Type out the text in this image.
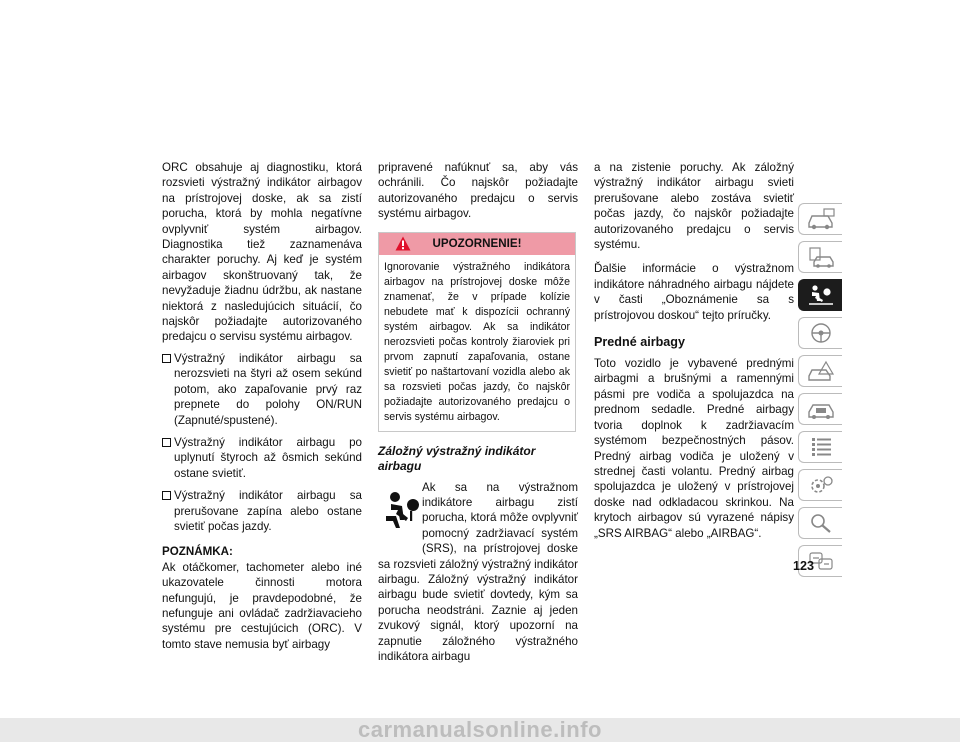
ORC obsahuje aj diagnostiku, ktorá rozsvieti výstražný indikátor airbagov na prístrojovej doske, ak sa zistí porucha, ktorá by mohla negatívne ovplyvniť systém airbagov. Diagnostika tiež zaznamenáva charakter poruchy. Aj keď je systém airbagov skonštruovaný tak, že nevyžaduje žiadnu údržbu, ak nastane niektorá z nasledujúcich situácií, čo najskôr požiadajte autorizovaného predajcu o servisu systému airbagov.

Výstražný indikátor airbagu sa nerozsvieti na štyri až osem sekúnd potom, ako zapaľovanie prvý raz prepnete do polohy ON/RUN (Zapnuté/spustené).
Výstražný indikátor airbagu po uplynutí štyroch až ôsmich sekúnd ostane svietiť.
Výstražný indikátor airbagu sa prerušovane zapína alebo ostane svietiť počas jazdy.
POZNÁMKA:

Ak otáčkomer, tachometer alebo iné ukazovatele činnosti motora nefungujú, je pravdepodobné, že nefunguje ani ovládač zadržiavacieho systému pre cestujúcich (ORC). V tomto stave nemusia byť airbagy

pripravené nafúknuť sa, aby vás ochránili. Čo najskôr požiadajte autorizovaného predajcu o servis systému airbagov.

UPOZORNENIE!
Ignorovanie výstražného indikátora airbagov na prístrojovej doske môže znamenať, že v prípade kolízie nebudete mať k dispozícii ochranný systém airbagov. Ak sa indikátor nerozsvieti počas kontroly žiaroviek pri prvom zapnutí zapaľovania, ostane svietiť po naštartovaní vozidla alebo ak sa rozsvieti počas jazdy, čo najskôr požiadajte autorizovaného predajcu o servis systému airbagov.
Záložný výstražný indikátor airbagu

Ak sa na výstražnom indikátore airbagu zistí porucha, ktorá môže ovplyvniť pomocný zadržiavací systém (SRS), na prístrojovej doske sa rozsvieti záložný výstražný indikátor airbagu. Záložný výstražný indikátor airbagu bude svietiť dovtedy, kým sa porucha neodstráni. Zaznie aj jeden zvukový signál, ktorý upozorní na zapnutie záložného výstražného indikátora airbagu

a na zistenie poruchy. Ak záložný výstražný indikátor airbagu svieti prerušovane alebo zostáva svietiť počas jazdy, čo najskôr požiadajte autorizovaného predajcu o servis systému.

Ďalšie informácie o výstražnom indikátore náhradného airbagu nájdete v časti „Oboznámenie sa s prístrojovou doskou“ tejto príručky.

Predné airbagy

Toto vozidlo je vybavené prednými airbagmi a brušnými a ramennými pásmi pre vodiča a spolujazdca na prednom sedadle. Predné airbagy tvoria doplnok k zadržiavacím systémom bezpečnostných pásov. Predný airbag vodiča je uložený v strednej časti volantu. Predný airbag spolujazdca je uložený v prístrojovej doske nad odkladacou skrinkou. Na krytoch airbagov sú vyrazené nápisy „SRS AIRBAG“ alebo „AIRBAG“.

123
carmanualsonline.info
